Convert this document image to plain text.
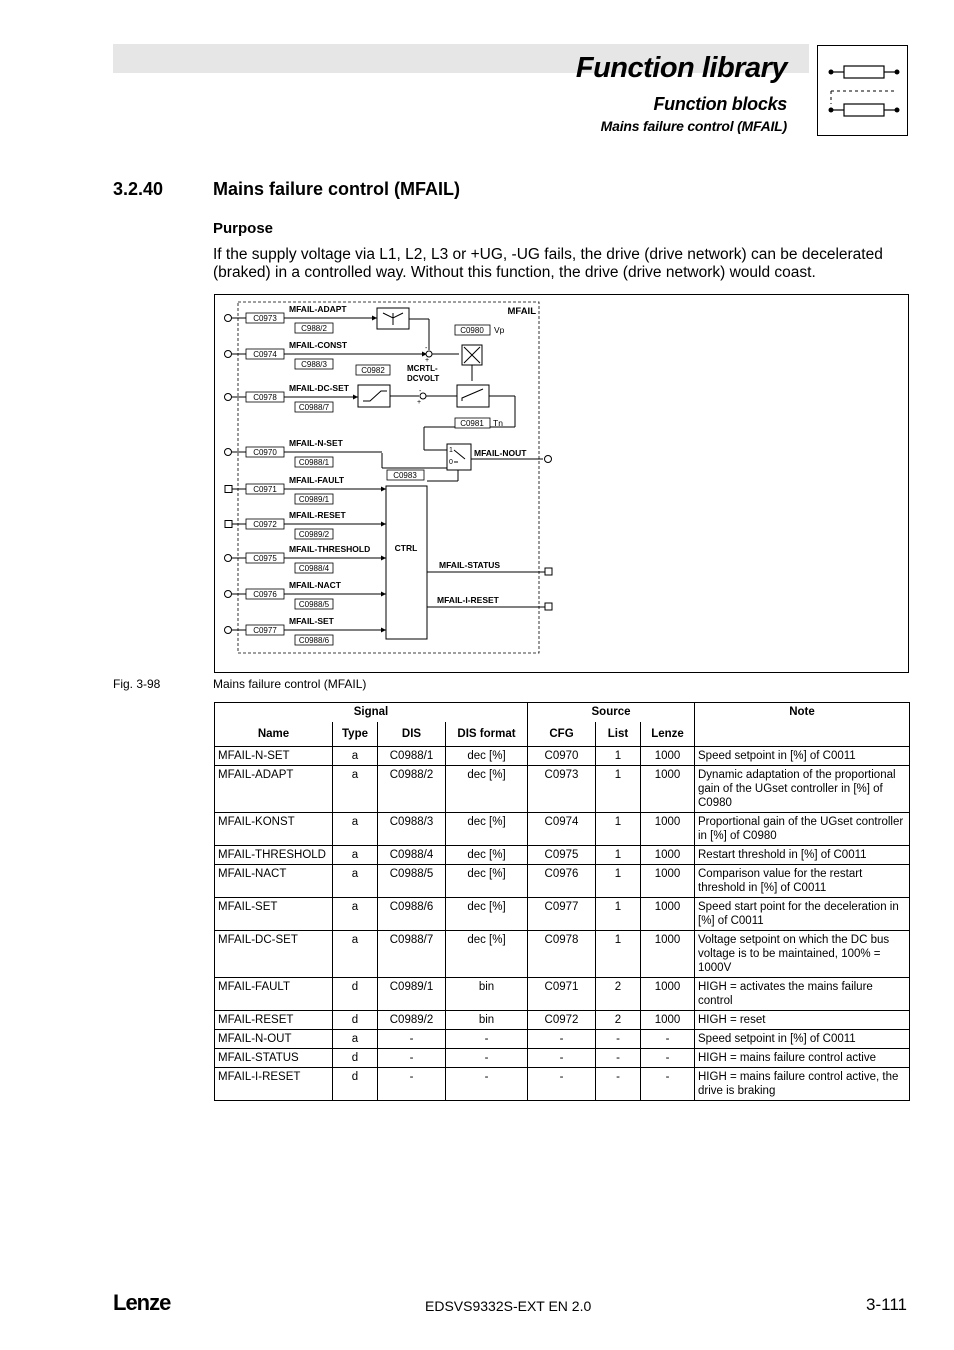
Function library
Function blocks
Mains failure control (MFAIL)
3.2.40	Mains failure control (MFAIL)
Purpose
If the supply voltage via L1, L2, L3 or +UG, -UG fails, the drive (drive network) can be decelerated (braked) in a controlled way. Without this function, the drive (drive network) would coast.
MFAIL
C0973
MFAIL-ADAPT
C988/2
C0974
MFAIL-CONST
C988/3
C0978
MFAIL-DC-SET
C0988/7
C0970
MFAIL-N-SET
C0988/1
C0971
MFAIL-FAULT
C0989/1
C0972
MFAIL-RESET
C0989/2
C0975
MFAIL-THRESHOLD
C0988/4
C0976
MFAIL-NACT
C0988/5
C0977
MFAIL-SET
C0988/6
-
+
C0980 Vp
C0982	MCRTL-
DCVOLT
-
+
C0981 Tn
1
0
MFAIL-NOUT
C0983
CTRL
MFAIL-STATUS
MFAIL-I-RESET
Fig. 3-98	Mains failure control (MFAIL)
Signal				Source			Note
Name	Type	DIS	DIS format	CFG	List	Lenze	
MFAIL-N-SET	a	C0988/1	dec [%]	C0970	1	1000	Speed setpoint in [%] of C0011
MFAIL-ADAPT	a	C0988/2	dec [%]	C0973	1	1000	Dynamic adaptation of the proportional gain of the UGset controller in [%] of C0980
MFAIL-KONST	a	C0988/3	dec [%]	C0974	1	1000	Proportional gain of the UGset controller in [%] of C0980
MFAIL-THRESHOLD	a	C0988/4	dec [%]	C0975	1	1000	Restart threshold in [%] of C0011
MFAIL-NACT	a	C0988/5	dec [%]	C0976	1	1000	Comparison value for the restart threshold in [%] of C0011
MFAIL-SET	a	C0988/6	dec [%]	C0977	1	1000	Speed start point for the deceleration in [%] of C0011
MFAIL-DC-SET	a	C0988/7	dec [%]	C0978	1	1000	Voltage setpoint on which the DC bus voltage is to be maintained, 100% = 1000V
MFAIL-FAULT	d	C0989/1	bin	C0971	2	1000	HIGH = activates the mains failure control
MFAIL-RESET	d	C0989/2	bin	C0972	2	1000	HIGH = reset
MFAIL-N-OUT	a	-	-	-	-	-	Speed setpoint in [%] of C0011
MFAIL-STATUS	d	-	-	-	-	-	HIGH = mains failure control active
MFAIL-I-RESET	d	-	-	-	-	-	HIGH = mains failure control active, the drive is braking
Lenze	EDSVS9332S-EXT EN 2.0	3-111
